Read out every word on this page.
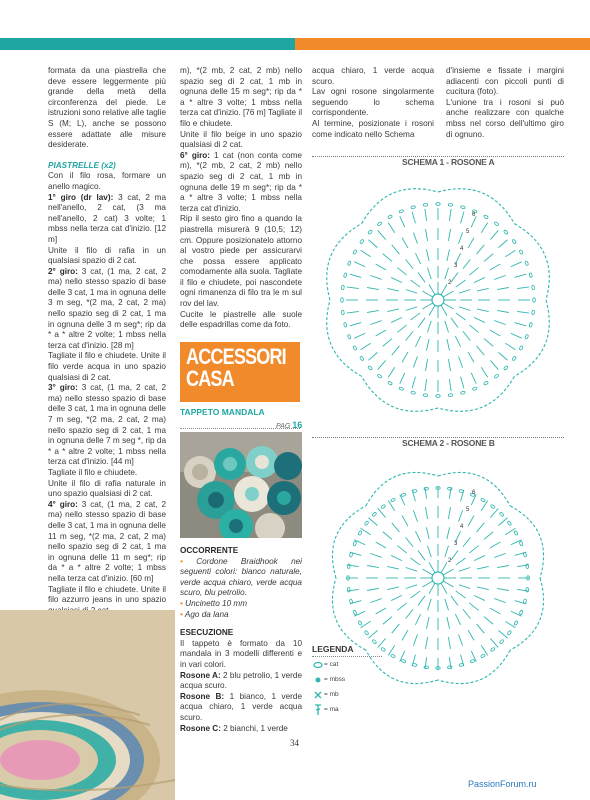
formata da una piastrella che deve essere leggermente più grande della metà della circonferenza del piede. Le istruzioni sono relative alle taglie S (M; L), anche se possono essere adattate alle misure desiderate.

PIASTRELLE (x2)

Con il filo rosa, formare un anello magico.

1° giro (dr lav): 3 cat, 2 ma nell'anello, 2 cat, (3 ma nell'anello, 2 cat) 3 volte; 1 mbss nella terza cat d'inizio. [12 m]

Unite il filo di rafia in un qualsiasi spazio di 2 cat.

2° giro: 3 cat, (1 ma, 2 cat, 2 ma) nello stesso spazio di base delle 3 cat, 1 ma in ognuna delle 3 m seg, *(2 ma, 2 cat, 2 ma) nello spazio seg di 2 cat, 1 ma in ognuna delle 3 m seg*; rip da * a * altre 2 volte; 1 mbss nella terza cat d'inizio. [28 m]

Tagliate il filo e chiudete. Unite il filo verde acqua in uno spazio qualsiasi di 2 cat.

3° giro: 3 cat, (1 ma, 2 cat, 2 ma) nello stesso spazio di base delle 3 cat, 1 ma in ognuna delle 7 m seg, *(2 ma, 2 cat, 2 ma) nello spazio seg di 2 cat, 1 ma in ognuna delle 7 m seg *, rip da * a * altre 2 volte; 1 mbss nella terza cat d'inizio. [44 m]

Tagliate il filo e chiudete.

Unite il filo di rafia naturale in uno spazio qualsiasi di 2 cat.

4° giro: 3 cat, (1 ma, 2 cat, 2 ma) nello stesso spazio di base delle 3 cat, 1 ma in ognuna delle 11 m seg, *(2 ma, 2 cat, 2 ma) nello spazio seg di 2 cat, 1 ma in ognuna delle 11 m seg*; rip da * a * altre 2 volte; 1 mbss nella terza cat d'inizio. [60 m]

Tagliate il filo e chiudete. Unite il filo azzurro jeans in uno spazio

m), *(2 mb, 2 cat, 2 mb) nello spazio seg di 2 cat, 1 mb in ognuna delle 15 m seg*; rip da * a * altre 3 volte; 1 mbss nella terza cat d'inizio. [76 m] Tagliate il filo e chiudete.

Unite il filo beige in uno spazio qualsiasi di 2 cat.

6° giro: 1 cat (non conta come m), *(2 mb, 2 cat, 2 mb) nello spazio seg di 2 cat, 1 mb in ognuna delle 19 m seg*; rip da * a * altre 3 volte; 1 mbss nella terza cat d'inizio.

Rip il sesto giro fino a quando la piastrella misurerà 9 (10,5; 12) cm. Oppure posizionatelo attorno al vostro piede per assicurarvi che possa essere applicato comodamente alla suola. Tagliate il filo e chiudete, poi nascondete ogni rimanenza di filo tra le m sul rov del lav.

Cucite le piastrelle alle suole delle espadrillas come da foto.

ACCESSORI CASA
TAPPETO MANDALA
PAG 16

OCCORRENTE

• Cordone Braidhook nei seguenti colori: bianco naturale, verde acqua chiaro, verde acqua scuro, blu petrolio.

• Uncinetto 10 mm

• Ago da lana

ESECUZIONE

Il tappeto è formato da 10 mandala in 3 modelli differenti e in vari colori.

Rosone A: 2 blu petrolio, 1 verde acqua scuro.

Rosone B: 1 bianco, 1 verde acqua chiaro, 1 verde acqua scuro.

Rosone C: 2 bianchi, 1 verde

acqua chiaro, 1 verde acqua scuro.

Lav ogni rosone singolarmente seguendo lo schema corrispondente.

Al termine, posizionate i rosoni come indicato nello Schema

d'insieme e fissate i margini adiacenti con piccoli punti di cucitura (foto).

L'unione tra i rosoni si può anche realizzare con qualche mbss nel corso dell'ultimo giro di ognuno.

SCHEMA 1 - ROSONE A
2
3
4
5
6
SCHEMA 2 - ROSONE B
2
3
4
5
6
LEGENDA
= cat
= mbss
= mb
= ma
34
PassionForum.ru
